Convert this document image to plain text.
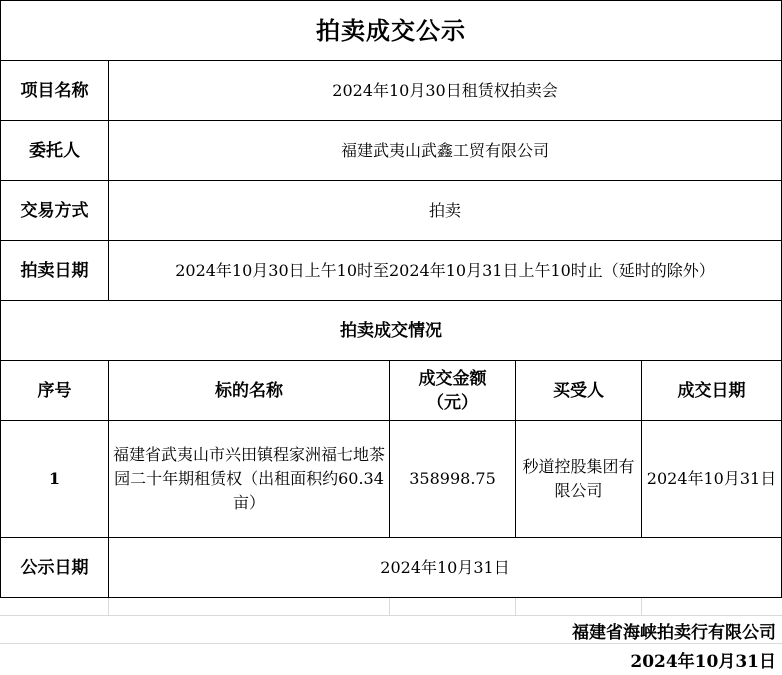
拍卖成交公示				
项目名称	2024年10月30日租赁权拍卖会			
委托人	福建武夷山武鑫工贸有限公司			
交易方式	拍卖			
拍卖日期	2024年10月30日上午10时至2024年10月31日上午10时止（延时的除外）			
拍卖成交情况				
序号	标的名称	成交金额（元）	买受人	成交日期
1	福建省武夷山市兴田镇程家洲福七地茶园二十年期租赁权（出租面积约60.34亩）	358998.75	秒道控股集团有限公司	2024年10月31日
公示日期	2024年10月31日			
福建省海峡拍卖行有限公司
2024年10月31日
